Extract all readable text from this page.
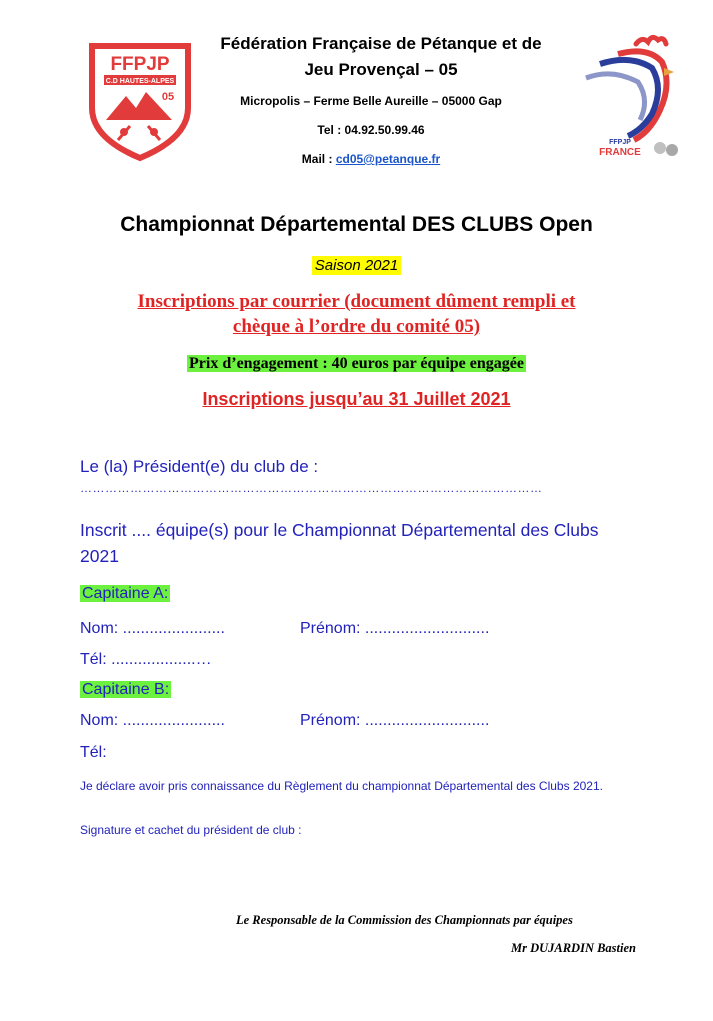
FFPJP
C.D HAUTES-ALPES
05
Fédération Française de Pétanque et de
Jeu Provençal – 05
Micropolis – Ferme Belle Aureille – 05000 Gap
Tel : 04.92.50.99.46
Mail : cd05@petanque.fr
FFPJP
FRANCE
Championnat Départemental DES CLUBS Open
Saison 2021
Inscriptions par courrier (document dûment rempli et
chèque à l’ordre du comité 05)
Prix d’engagement : 40 euros par équipe engagée
Inscriptions jusqu’au 31 Juillet 2021
Le (la) Président(e) du club de :
…………………………………………………………………………………………………
Inscrit .... équipe(s) pour le Championnat Départemental des Clubs 2021
Capitaine A:
Nom: .......................	Prénom: ............................
Tél: ...................…
Capitaine B:
Nom: .......................	Prénom: ............................
Tél:
Je déclare avoir pris connaissance du Règlement du championnat Départemental des Clubs 2021.
Signature et cachet du président de club :
Le Responsable de la Commission des Championnats par équipes
Mr DUJARDIN Bastien
